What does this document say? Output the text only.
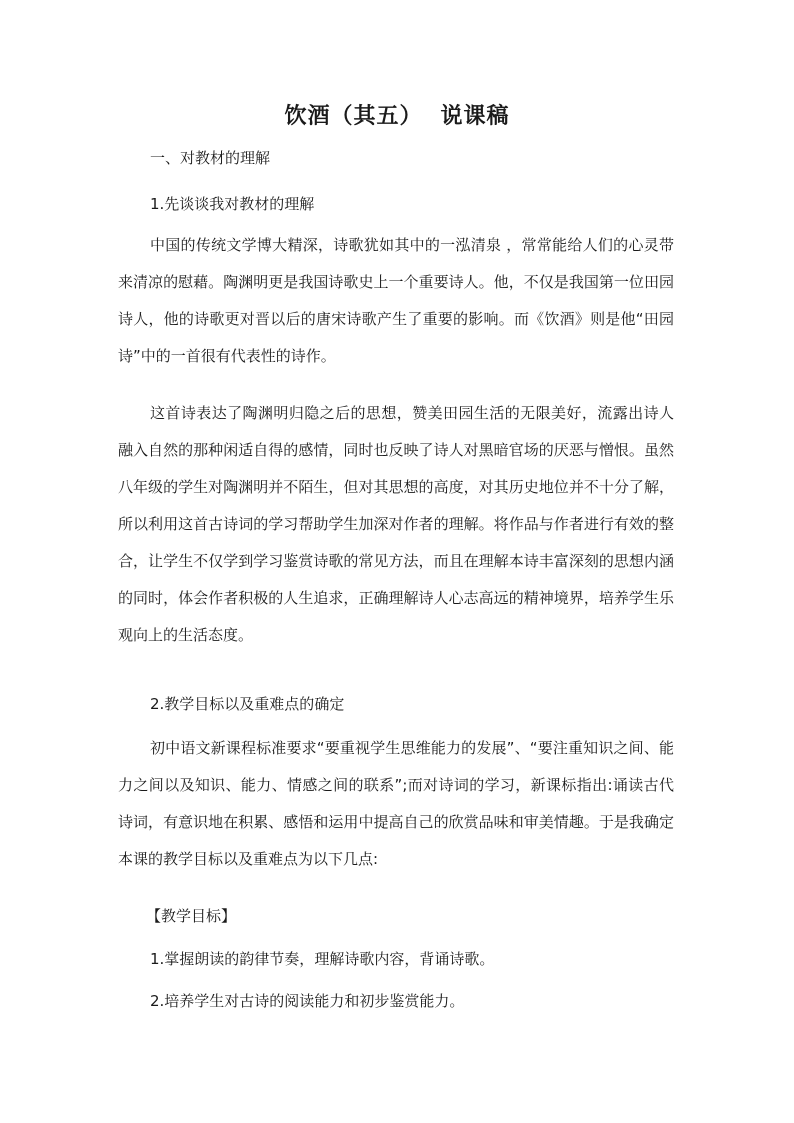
饮酒（其五） 说课稿
一、对教材的理解
1.先谈谈我对教材的理解
中国的传统文学博大精深，诗歌犹如其中的一泓清泉 ，常常能给人们的心灵带来清凉的慰藉。陶渊明更是我国诗歌史上一个重要诗人。他，不仅是我国第一位田园诗人，他的诗歌更对晋以后的唐宋诗歌产生了重要的影响。而《饮酒》则是他“田园诗”中的一首很有代表性的诗作。
这首诗表达了陶渊明归隐之后的思想，赞美田园生活的无限美好，流露出诗人融入自然的那种闲适自得的感情，同时也反映了诗人对黑暗官场的厌恶与憎恨。虽然八年级的学生对陶渊明并不陌生，但对其思想的高度，对其历史地位并不十分了解，所以利用这首古诗词的学习帮助学生加深对作者的理解。将作品与作者进行有效的整合，让学生不仅学到学习鉴赏诗歌的常见方法，而且在理解本诗丰富深刻的思想内涵的同时，体会作者积极的人生追求，正确理解诗人心志高远的精神境界，培养学生乐观向上的生活态度。
2.教学目标以及重难点的确定
初中语文新课程标准要求“要重视学生思维能力的发展”、“要注重知识之间、能力之间以及知识、能力、情感之间的联系”;而对诗词的学习，新课标指出:诵读古代诗词，有意识地在积累、感悟和运用中提高自己的欣赏品味和审美情趣。于是我确定本课的教学目标以及重难点为以下几点:
【教学目标】
1.掌握朗读的韵律节奏，理解诗歌内容，背诵诗歌。
2.培养学生对古诗的阅读能力和初步鉴赏能力。
